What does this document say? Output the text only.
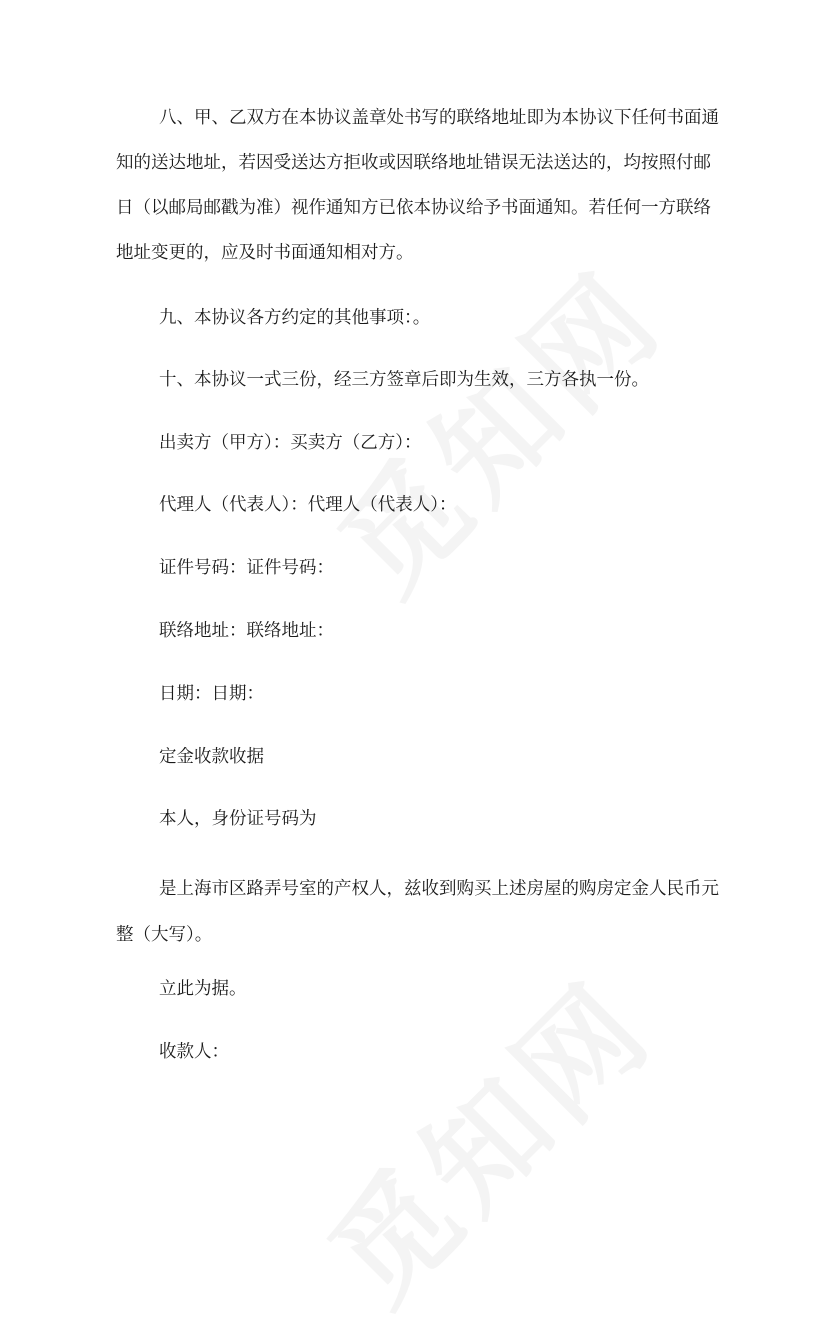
八、甲、乙双方在本协议盖章处书写的联络地址即为本协议下任何书面通
知的送达地址，若因受送达方拒收或因联络地址错误无法送达的，均按照付邮
日（以邮局邮戳为准）视作通知方已依本协议给予书面通知。若任何一方联络
地址变更的，应及时书面通知相对方。
九、本协议各方约定的其他事项：。
十、本协议一式三份，经三方签章后即为生效，三方各执一份。
出卖方（甲方）：买卖方（乙方）：
代理人（代表人）：代理人（代表人）：
证件号码：证件号码：
联络地址：联络地址：
日期：日期：
定金收款收据
本人，身份证号码为
是上海市区路弄号室的产权人，兹收到购买上述房屋的购房定金人民币元
整（大写）。
立此为据。
收款人：
